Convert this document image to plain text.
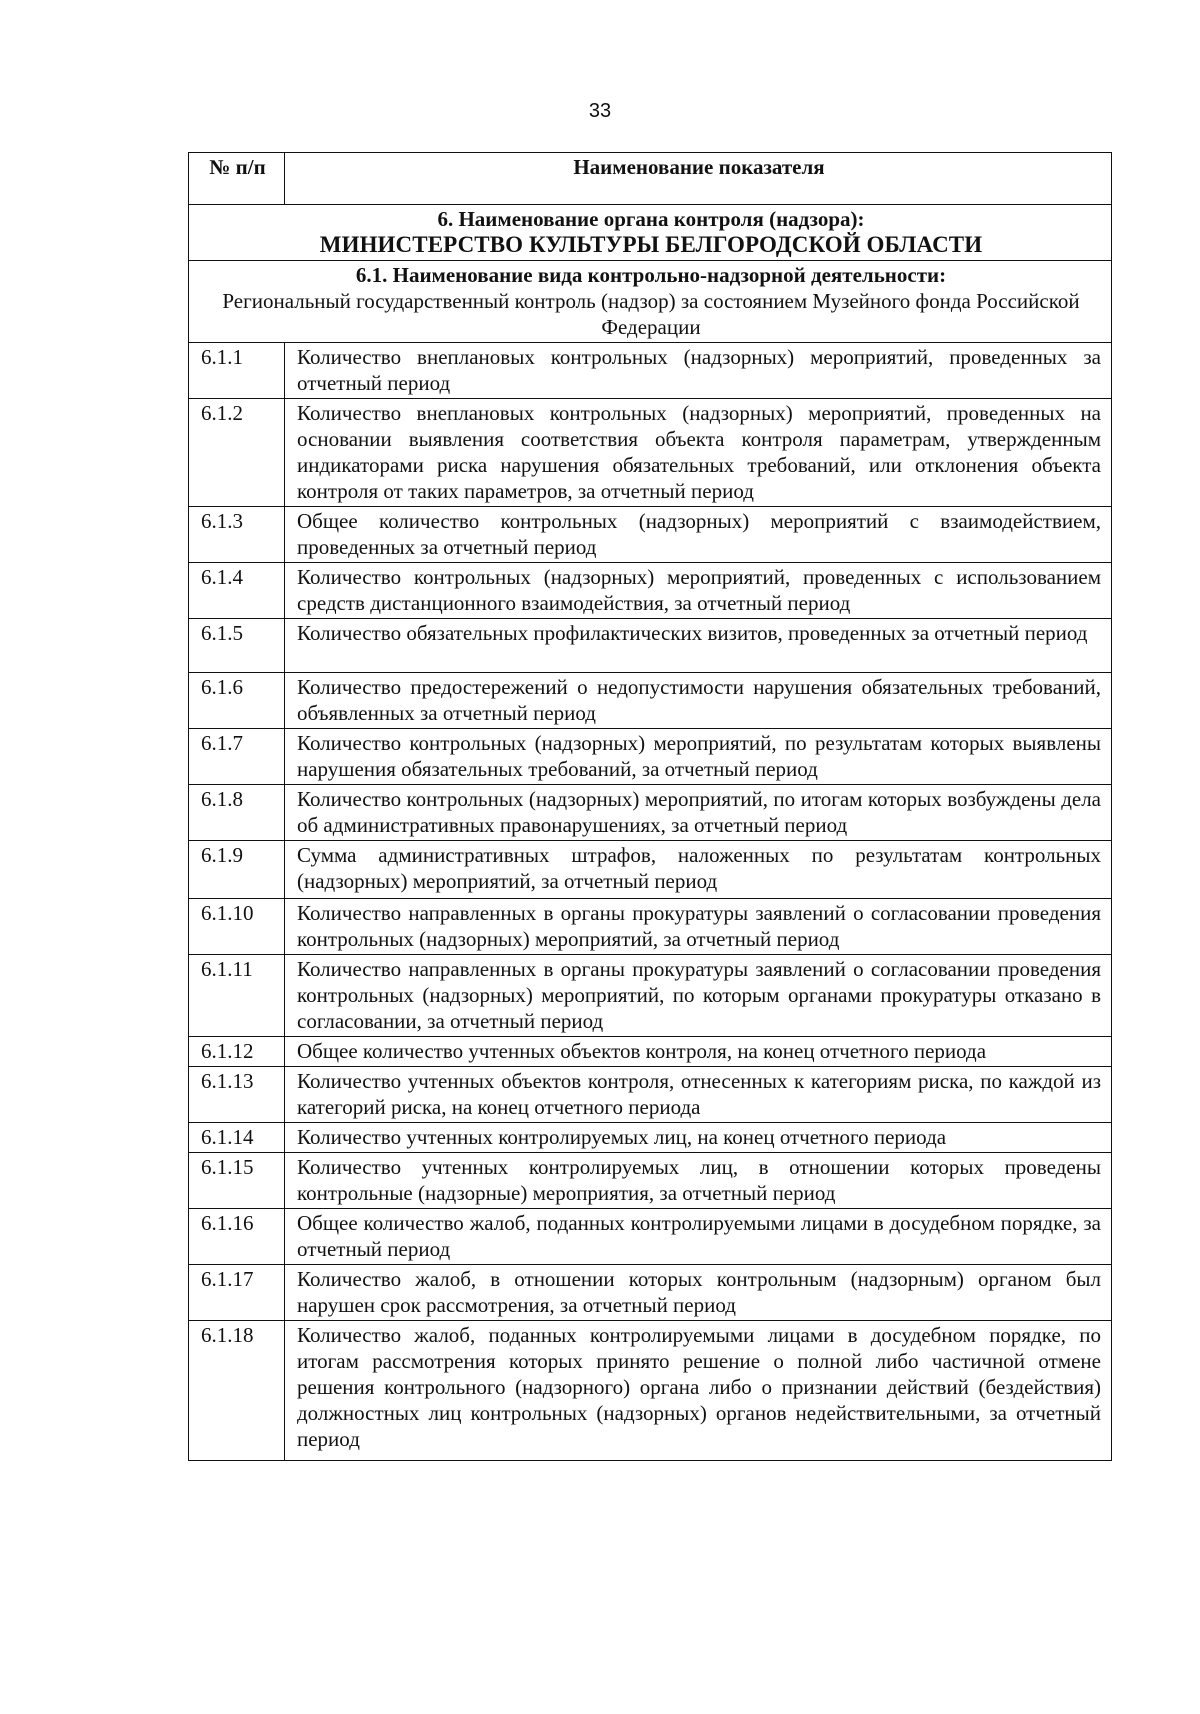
33
№ п/п	Наименование показателя

6. Наименование органа контроля (надзора):
МИНИСТЕРСТВО КУЛЬТУРЫ БЕЛГОРОДСКОЙ ОБЛАСТИ	

6.1. Наименование вида контрольно-надзорной деятельности:
Региональный государственный контроль (надзор) за состоянием Музейного фонда Российской Федерации	

6.1.1	Количество внеплановых контрольных (надзорных) мероприятий, проведенных за отчетный период
6.1.2	Количество внеплановых контрольных (надзорных) мероприятий, проведенных на основании выявления соответствия объекта контроля параметрам, утвержденным индикаторами риска нарушения обязательных требований, или отклонения объекта контроля от таких параметров, за отчетный период
6.1.3	Общее количество контрольных (надзорных) мероприятий с взаимодействием, проведенных за отчетный период
6.1.4	Количество контрольных (надзорных) мероприятий, проведенных с использованием средств дистанционного взаимодействия, за отчетный период
6.1.5	Количество обязательных профилактических визитов, проведенных за отчетный период
6.1.6	Количество предостережений о недопустимости нарушения обязательных требований, объявленных за отчетный период
6.1.7	Количество контрольных (надзорных) мероприятий, по результатам которых выявлены нарушения обязательных требований, за отчетный период
6.1.8	Количество контрольных (надзорных) мероприятий, по итогам которых возбуждены дела об административных правонарушениях, за отчетный период
6.1.9	Сумма административных штрафов, наложенных по результатам контрольных (надзорных) мероприятий, за отчетный период
6.1.10	Количество направленных в органы прокуратуры заявлений о согласовании проведения контрольных (надзорных) мероприятий, за отчетный период
6.1.11	Количество направленных в органы прокуратуры заявлений о согласовании проведения контрольных (надзорных) мероприятий, по которым органами прокуратуры отказано в согласовании, за отчетный период
6.1.12	Общее количество учтенных объектов контроля, на конец отчетного периода
6.1.13	Количество учтенных объектов контроля, отнесенных к категориям риска, по каждой из категорий риска, на конец отчетного периода
6.1.14	Количество учтенных контролируемых лиц, на конец отчетного периода
6.1.15	Количество учтенных контролируемых лиц, в отношении которых проведены контрольные (надзорные) мероприятия, за отчетный период
6.1.16	Общее количество жалоб, поданных контролируемыми лицами в досудебном порядке, за отчетный период
6.1.17	Количество жалоб, в отношении которых контрольным (надзорным) органом был нарушен срок рассмотрения, за отчетный период
6.1.18	Количество жалоб, поданных контролируемыми лицами в досудебном порядке, по итогам рассмотрения которых принято решение о полной либо частичной отмене решения контрольного (надзорного) органа либо о признании действий (бездействия) должностных лиц контрольных (надзорных) органов недействительными, за отчетный период
